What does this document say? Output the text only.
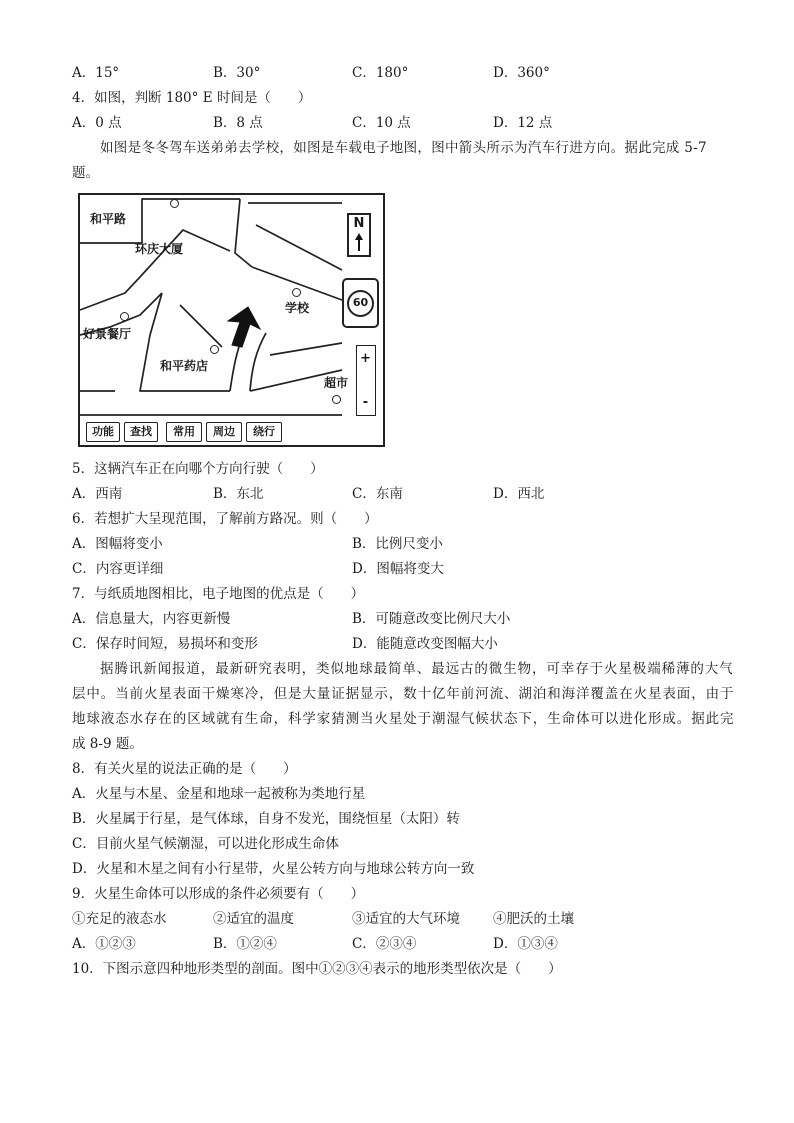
A．15°	B．30°	C．180°	D．360°
4．如图，判断 180° E 时间是（　　）
A．0 点	B．8 点	C．10 点	D．12 点
如图是冬冬驾车送弟弟去学校，如图是车载电子地图，图中箭头所示为汽车行进方向。据此完成 5-7
题。
和平路
环庆大厦
好景餐厅
和平药店
学校
超市
N
60
+
-
功能	查找	常用	周边	绕行
5．这辆汽车正在向哪个方向行驶（　　）
A．西南	B．东北	C．东南	D．西北
6．若想扩大呈现范围，了解前方路况。则（　　）
A．图幅将变小	B．比例尺变小
C．内容更详细	D．图幅将变大
7．与纸质地图相比，电子地图的优点是（　　）
A．信息量大，内容更新慢	B．可随意改变比例尺大小
C．保存时间短，易损坏和变形	D．能随意改变图幅大小
据腾讯新闻报道，最新研究表明，类似地球最简单、最远古的微生物，可幸存于火星极端稀薄的大气
层中。当前火星表面干燥寒冷，但是大量证据显示，数十亿年前河流、湖泊和海洋覆盖在火星表面，由于
地球液态水存在的区域就有生命，科学家猜测当火星处于潮湿气候状态下，生命体可以进化形成。据此完
成 8-9 题。
8．有关火星的说法正确的是（　　）
A．火星与木星、金星和地球一起被称为类地行星
B．火星属于行星，是气体球，自身不发光，围绕恒星（太阳）转
C．目前火星气候潮湿，可以进化形成生命体
D．火星和木星之间有小行星带，火星公转方向与地球公转方向一致
9．火星生命体可以形成的条件必须要有（　　）
①充足的液态水	②适宜的温度	③适宜的大气环境 ④肥沃的土壤
A．①②③	B．①②④	C．②③④	D．①③④
10．下图示意四种地形类型的剖面。图中①②③④表示的地形类型依次是（　　）
